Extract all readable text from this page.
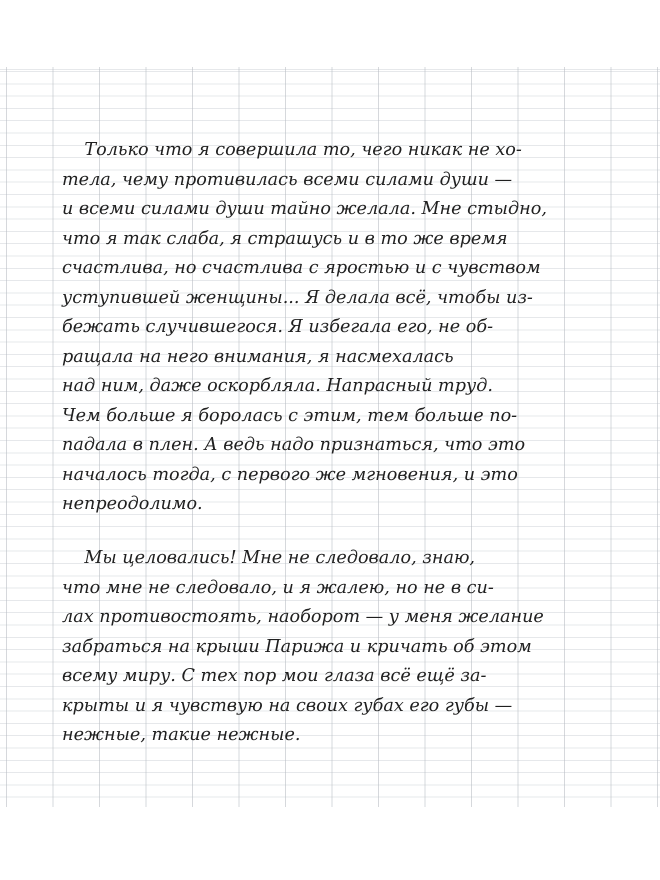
Только что я совершила то, чего никак не хо-
тела, чему противилась всеми силами души —
и всеми силами души тайно желала. Мне стыдно,
что я так слаба, я страшусь и в то же время
счастлива, но счастлива с яростью и с чувством
уступившей женщины... Я делала всё, чтобы из-
бежать случившегося. Я избегала его, не об-
ращала на него внимания, я насмехалась
над ним, даже оскорбляла. Напрасный труд.
Чем больше я боролась с этим, тем больше по-
падала в плен. А ведь надо признаться, что это
началось тогда, с первого же мгновения, и это
непреодолимо.
Мы целовались! Мне не следовало, знаю,
что мне не следовало, и я жалею, но не в си-
лах противостоять, наоборот — у меня желание
забраться на крыши Парижа и кричать об этом
всему миру. С тех пор мои глаза всё ещё за-
крыты и я чувствую на своих губах его губы —
нежные, такие нежные.
